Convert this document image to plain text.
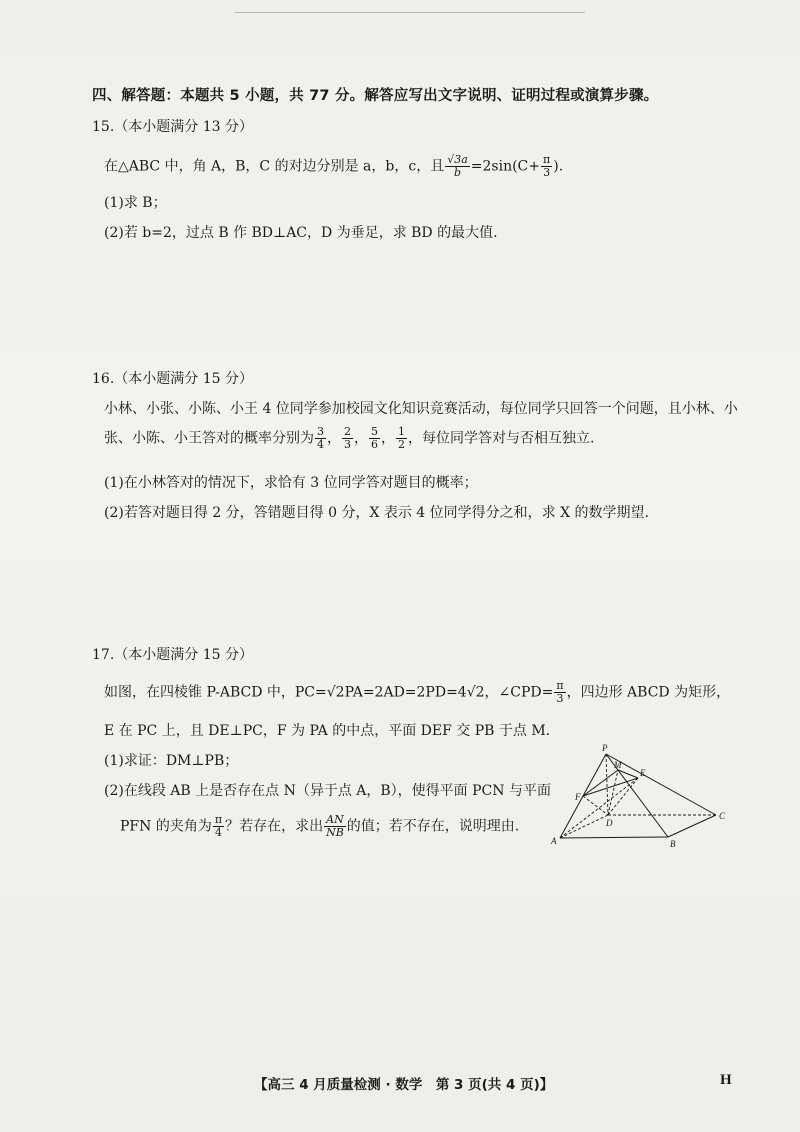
四、解答题：本题共 5 小题，共 77 分。解答应写出文字说明、证明过程或演算步骤。
15.（本小题满分 13 分）
在△ABC 中，角 A，B，C 的对边分别是 a，b，c，且 $\frac{√3a}{b} =2\sin(C+ \frac{\pi}{3}$ ).
(1)求 B；
(2)若 b=2，过点 B 作 BD⊥AC，D 为垂足，求 BD 的最大值.
16.（本小题满分 15 分）
小林、小张、小陈、小王 4 位同学参加校园文化知识竞赛活动，每位同学只回答一个问题，且小林、小
张、小陈、小王答对的概率分别为 $\frac{3}{4}$ ， $\frac{2}{3}$ ， $\frac{5}{6}$ ， $\frac{1}{2}$ ，每位同学答对与否相互独立.
(1)在小林答对的情况下，求恰有 3 位同学答对题目的概率；
(2)若答对题目得 2 分，答错题目得 0 分，X 表示 4 位同学得分之和，求 X 的数学期望.
17.（本小题满分 15 分）
如图，在四棱锥 P-ABCD 中，PC=√2PA=2AD=2PD=4√2，∠CPD= $\frac{\pi}{3}$ ，四边形 ABCD 为矩形，
E 在 PC 上，且 DE⊥PC，F 为 PA 的中点，平面 DEF 交 PB 于点 M.
(1)求证：DM⊥PB；
(2)在线段 AB 上是否存在点 N（异于点 A，B），使得平面 PCN 与平面
PFN 的夹角为 $\frac{\pi}{4}$ ？若存在，求出 $\frac{AN}{NB}$ 的值；若不存在，说明理由.
P
M
E
F
D
A	B
C
【高三 4 月质量检测 · 数学　第 3 页(共 4 页)】	H
